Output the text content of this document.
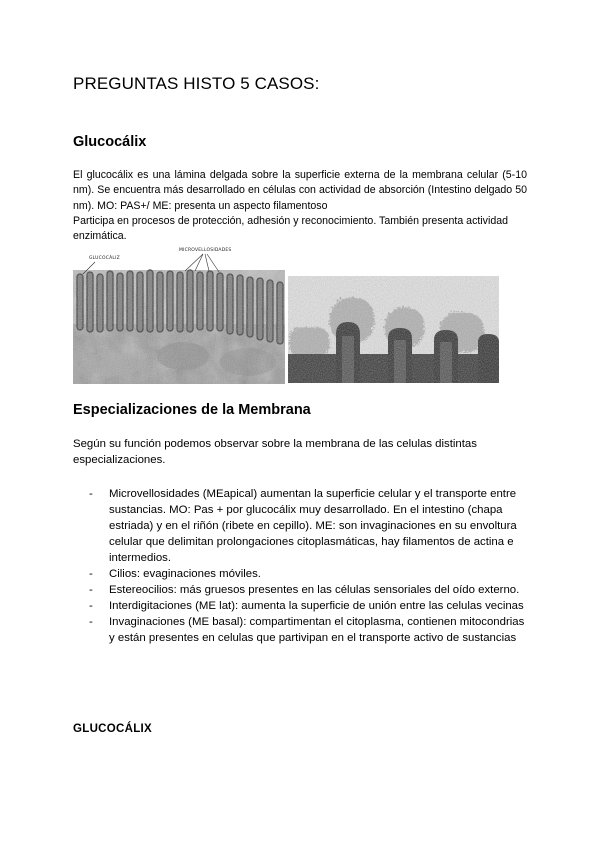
PREGUNTAS HISTO 5 CASOS:
Glucocálix

El glucocálix es una lámina delgada sobre la superficie externa de la membrana celular (5-10 nm). Se encuentra más desarrollado en células con actividad de absorción (Intestino delgado 50 nm). MO: PAS+/ ME: presenta un aspecto filamentoso

Participa en procesos de protección, adhesión y reconocimiento. También presenta actividad enzimática.

GLUCOCÁLIZ
MICROVELLOSIDADES
Especializaciones de la Membrana
Según su función podemos observar sobre la membrana de las celulas distintas especializaciones.
- Microvellosidades (MEapical) aumentan la superficie celular y el transporte entre sustancias. MO: Pas + por glucocálix muy desarrollado. En el intestino (chapa estriada) y en el riñón (ribete en cepillo). ME: son invaginaciones en su envoltura celular que delimitan prolongaciones citoplasmáticas, hay filamentos de actina e intermedios.
- Cilios: evaginaciones móviles.
- Estereocilios: más gruesos presentes en las células sensoriales del oído externo.
- Interdigitaciones (ME lat): aumenta la superficie de unión entre las celulas vecinas
- Invaginaciones (ME basal): compartimentan el citoplasma, contienen mitocondrias y están presentes en celulas que partivipan en el transporte activo de sustancias
GLUCOCÁLIX
